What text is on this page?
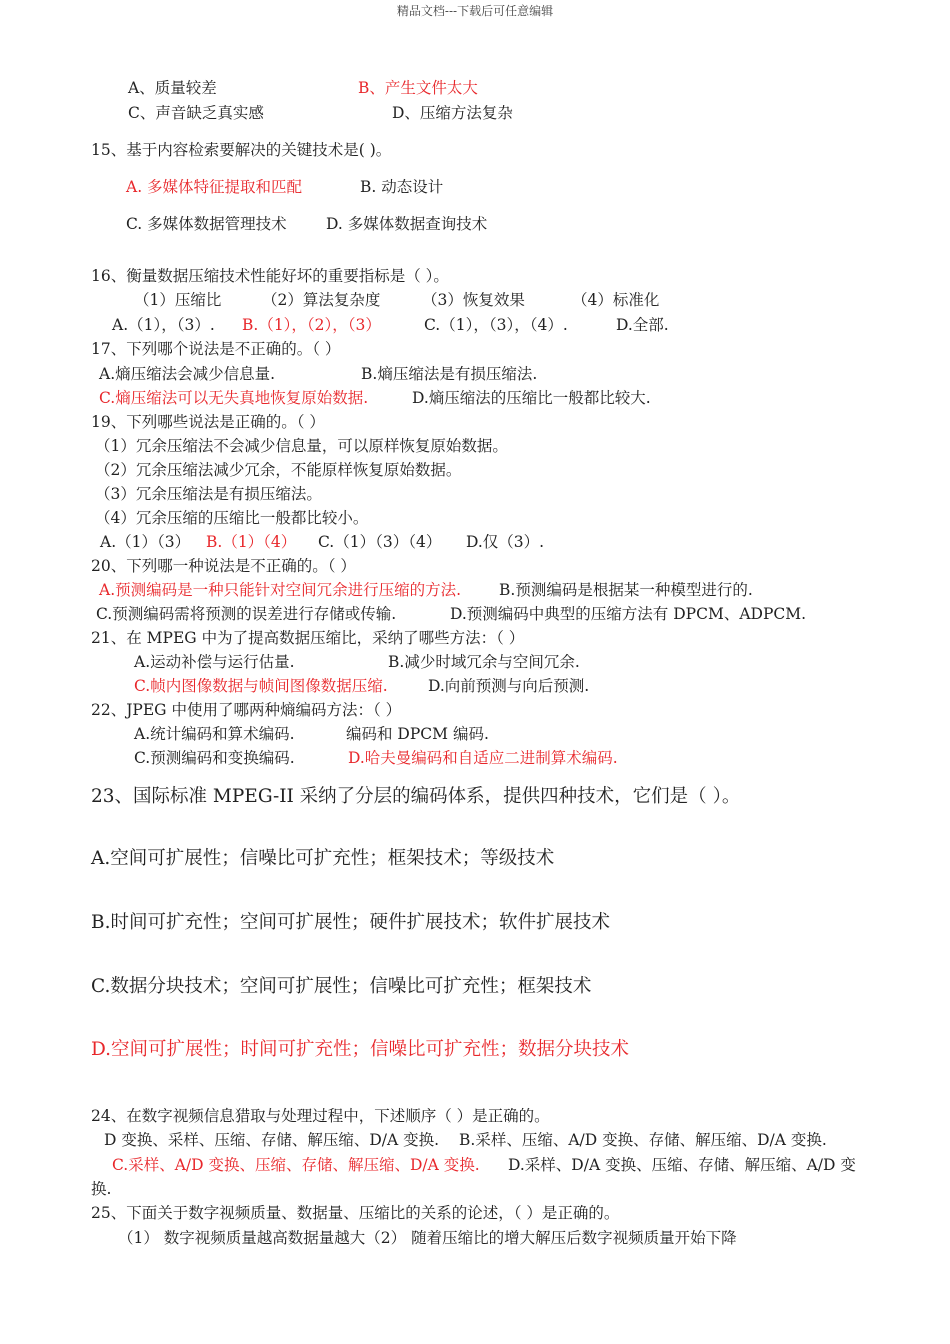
精品文档---下载后可任意编辑
A、质量较差	B、产生文件太大
C、声音缺乏真实感	D、压缩方法复杂
15、基于内容检索要解决的关键技术是( )。
A. 多媒体特征提取和匹配	B. 动态设计
C. 多媒体数据管理技术	D. 多媒体数据查询技术
16、衡量数据压缩技术性能好坏的重要指标是（ ）。
（1）压缩比	（2）算法复杂度	（3）恢复效果	（4）标准化
A.（1），（3）. B.（1），（2），（3）	C.（1），（3），（4）.	D.全部.
17、下列哪个说法是不正确的。（ ）
A.熵压缩法会减少信息量.	B.熵压缩法是有损压缩法.
C.熵压缩法可以无失真地恢复原始数据.	D.熵压缩法的压缩比一般都比较大.
19、下列哪些说法是正确的。（ ）
（1）冗余压缩法不会减少信息量，可以原样恢复原始数据。
（2）冗余压缩法减少冗余，不能原样恢复原始数据。
（3）冗余压缩法是有损压缩法。
（4）冗余压缩的压缩比一般都比较小。
A.（1）（3） B.（1）（4） C.（1）（3）（4） D.仅（3）.
20、下列哪一种说法是不正确的。（ ）
A.预测编码是一种只能针对空间冗余进行压缩的方法. B.预测编码是根据某一种模型进行的.
C.预测编码需将预测的误差进行存储或传输.	D.预测编码中典型的压缩方法有 DPCM、ADPCM.
21、在 MPEG 中为了提高数据压缩比，采纳了哪些方法：（ ）
A.运动补偿与运行估量.	B.减少时域冗余与空间冗余.
C.帧内图像数据与帧间图像数据压缩.	D.向前预测与向后预测.
22、JPEG 中使用了哪两种熵编码方法：（ ）
A.统计编码和算术编码.	编码和 DPCM 编码.
C.预测编码和变换编码.	D.哈夫曼编码和自适应二进制算术编码.
23、国际标准 MPEG-II 采纳了分层的编码体系，提供四种技术，它们是（ ）。
A.空间可扩展性；信噪比可扩充性；框架技术；等级技术
B.时间可扩充性；空间可扩展性；硬件扩展技术；软件扩展技术
C.数据分块技术；空间可扩展性；信噪比可扩充性；框架技术
D.空间可扩展性；时间可扩充性；信噪比可扩充性；数据分块技术
24、在数字视频信息猎取与处理过程中，下述顺序（ ）是正确的。
D 变换、采样、压缩、存储、解压缩、D/A 变换. B.采样、压缩、A/D 变换、存储、解压缩、D/A 变换.
C.采样、A/D 变换、压缩、存储、解压缩、D/A 变换. D.采样、D/A 变换、压缩、存储、解压缩、A/D 变
换.
25、下面关于数字视频质量、数据量、压缩比的关系的论述，（ ）是正确的。
（1） 数字视频质量越高数据量越大（2） 随着压缩比的增大解压后数字视频质量开始下降
